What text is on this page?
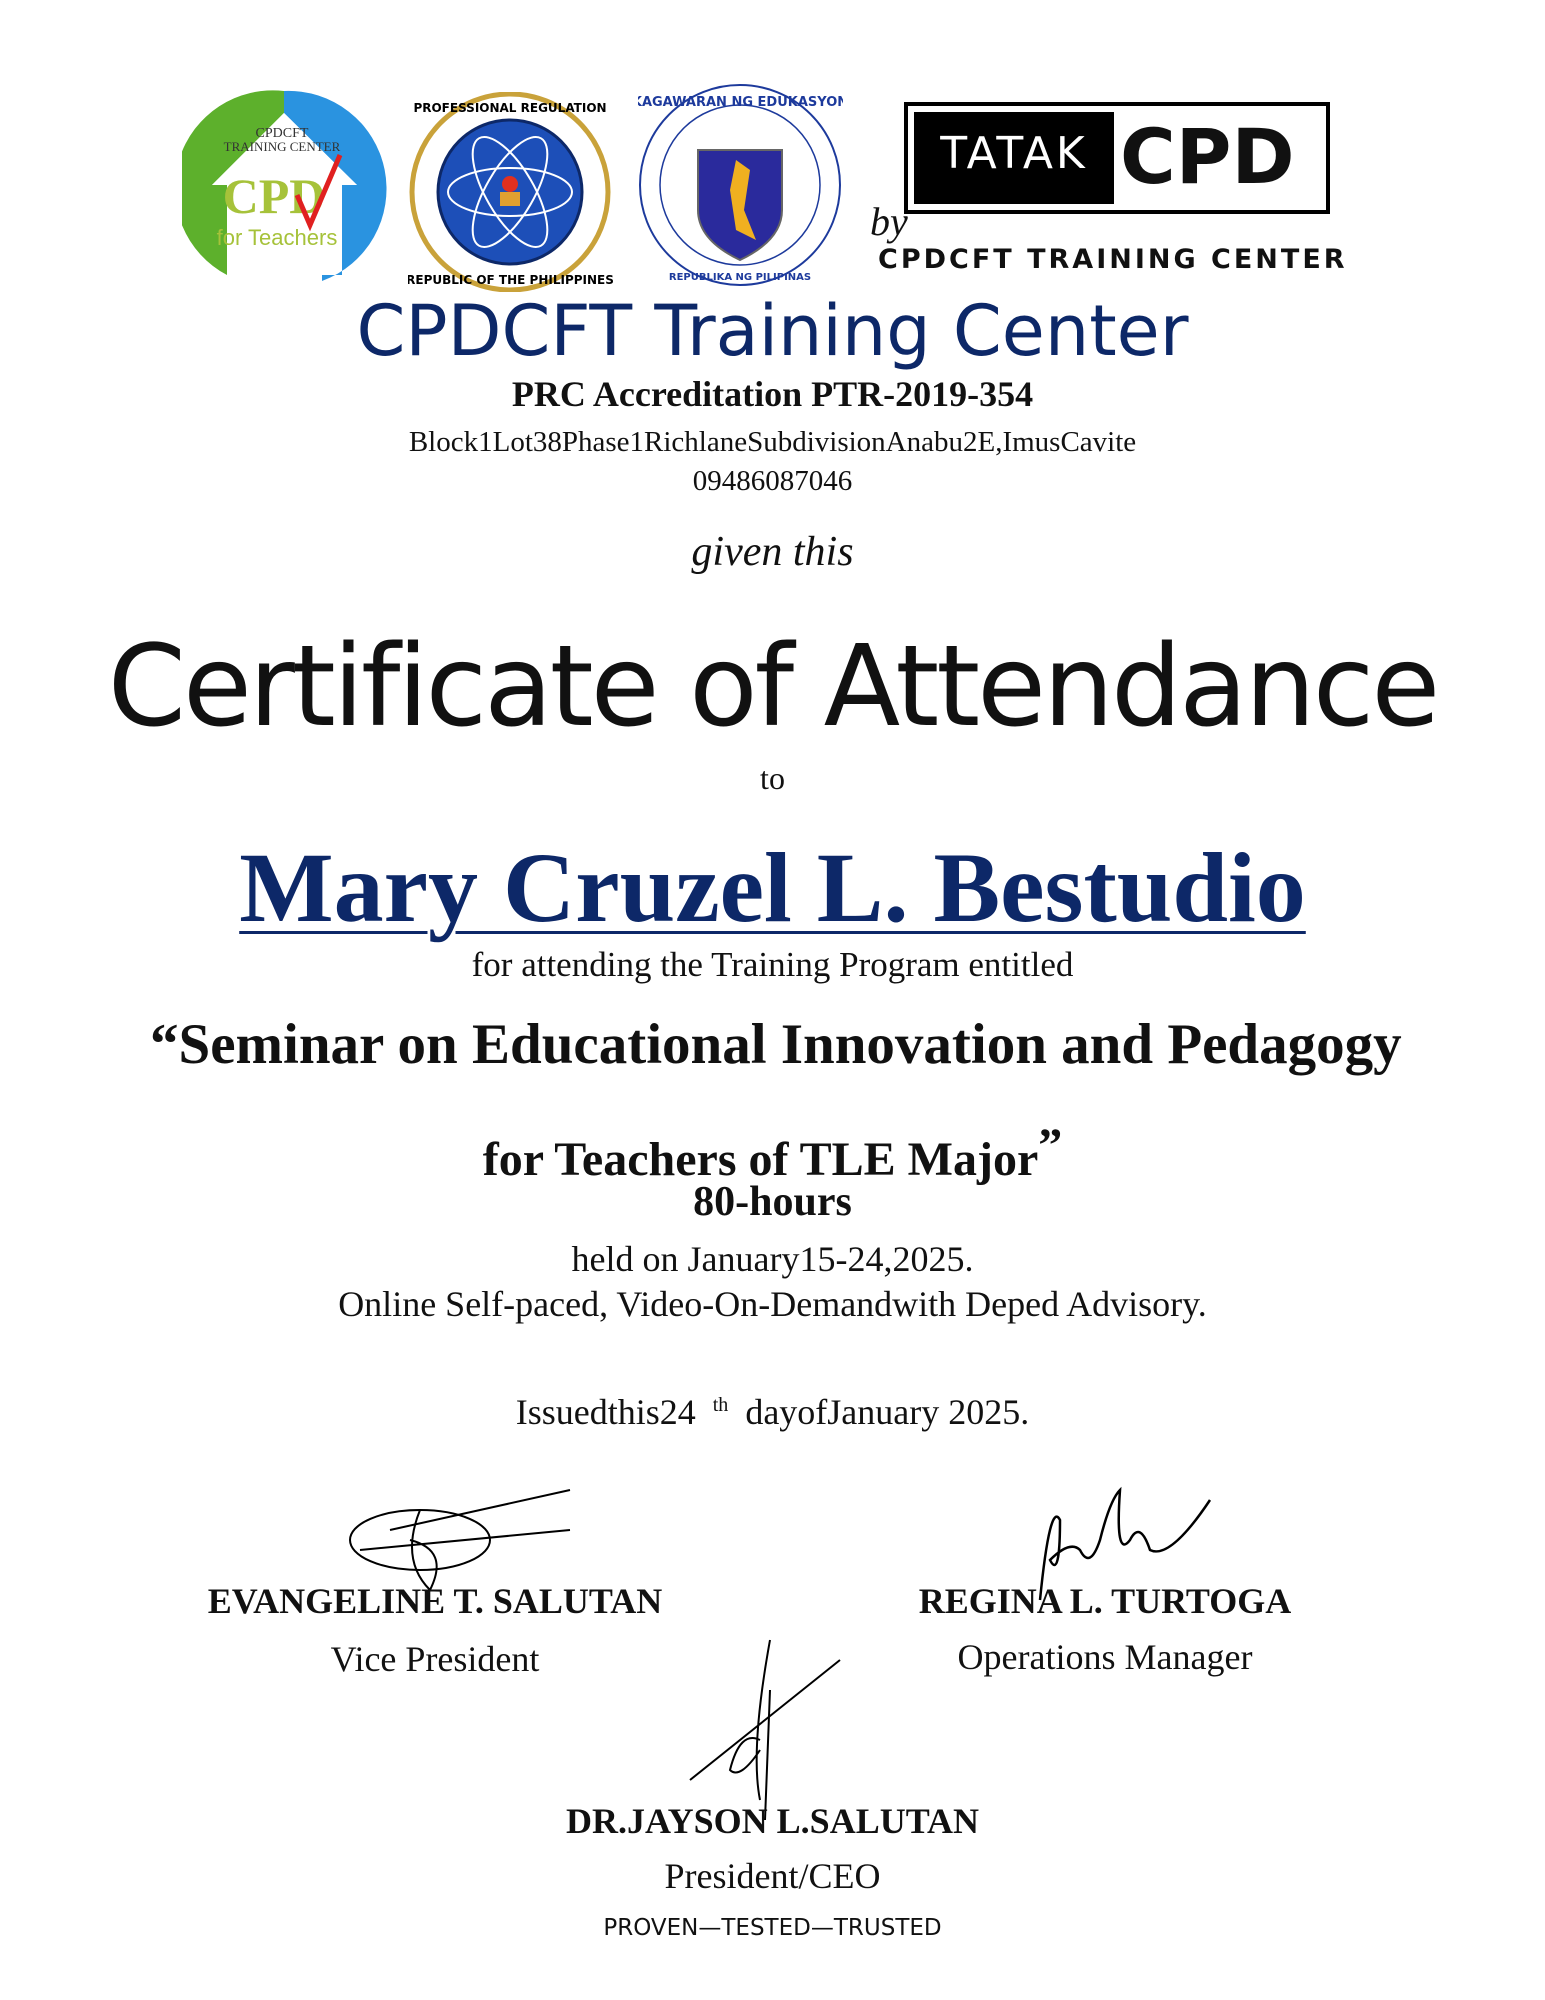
CPDCFT
TRAINING CENTER
CPD
for Teachers
PROFESSIONAL REGULATION
REPUBLIC OF THE PHILIPPINES
KAGAWARAN NG EDUKASYON
REPUBLIKA NG PILIPINAS
TATAK CPD
by
CPDCFT TRAINING CENTER
CPDCFT Training Center
PRC Accreditation PTR-2019-354
Block1Lot38Phase1RichlaneSubdivisionAnabu2E,ImusCavite
09486087046
given this
Certificate of Attendance
to
Mary Cruzel L. Bestudio
for attending the Training Program entitled
“Seminar on Educational Innovation and Pedagogy
for Teachers of TLE Major”
80-hours
held on January15-24,2025.
Online Self-paced, Video-On-Demandwith Deped Advisory.
Issuedthis24 $^{th}$ dayofJanuary 2025.
EVANGELINE T. SALUTAN
Vice President
REGINA L. TURTOGA
Operations Manager
DR.JAYSON L.SALUTAN
President/CEO
PROVEN—TESTED—TRUSTED
